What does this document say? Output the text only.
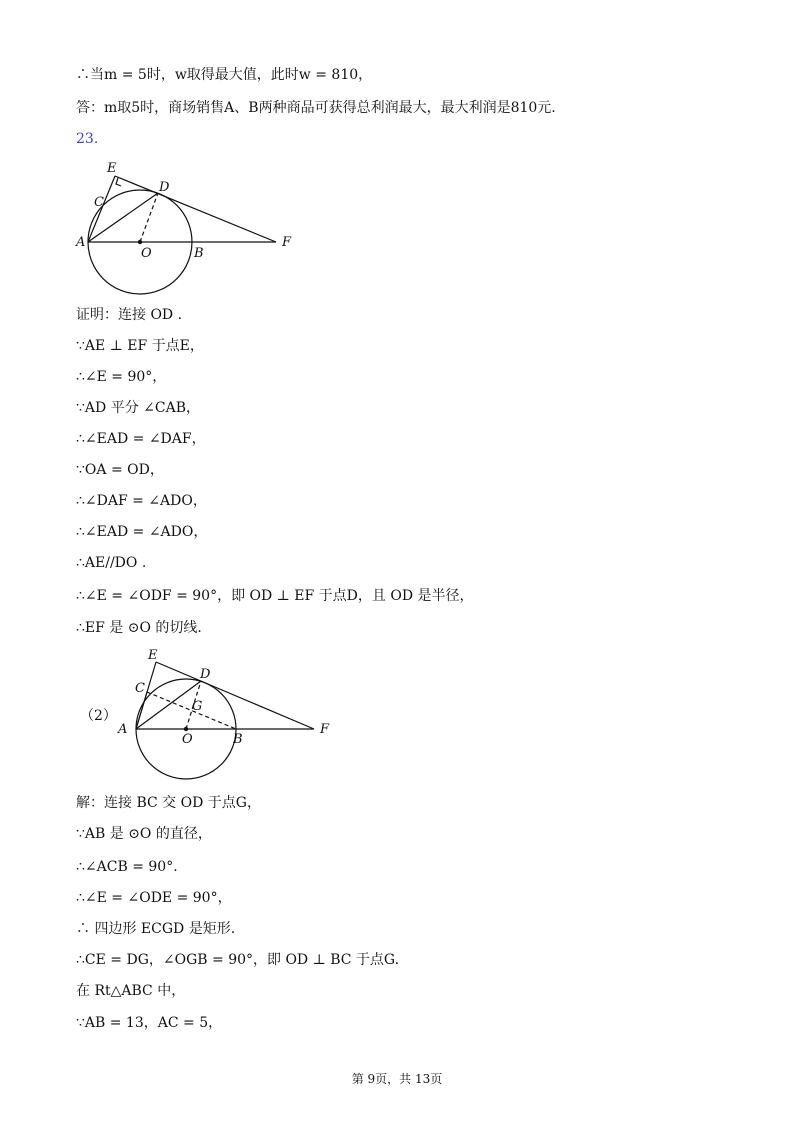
∴当m = 5时，w取得最大值，此时w = 810，
答：m取5时，商场销售A、B两种商品可获得总利润最大，最大利润是810元.
23.
E
C
D
A
O	B
F
证明：连接 OD .
∵AE ⊥ EF 于点E，
∴∠E = 90°，
∵AD 平分 ∠CAB，
∴∠EAD = ∠DAF，
∵OA = OD，
∴∠DAF = ∠ADO，
∴∠EAD = ∠ADO，
∴AE//DO .
∴∠E = ∠ODF = 90°，即 OD ⊥ EF 于点D，且 OD 是半径，
∴EF 是 ⊙O 的切线.
（2）
E
C
D
G
A
O	B
F
解：连接 BC 交 OD 于点G，
∵AB 是 ⊙O 的直径，
∴∠ACB = 90°.
∴∠E = ∠ODE = 90°，
∴ 四边形 ECGD 是矩形.
∴CE = DG，∠OGB = 90°，即 OD ⊥ BC 于点G.
在 Rt△ABC 中，
∵AB = 13，AC = 5，
第 9页，共 13页
